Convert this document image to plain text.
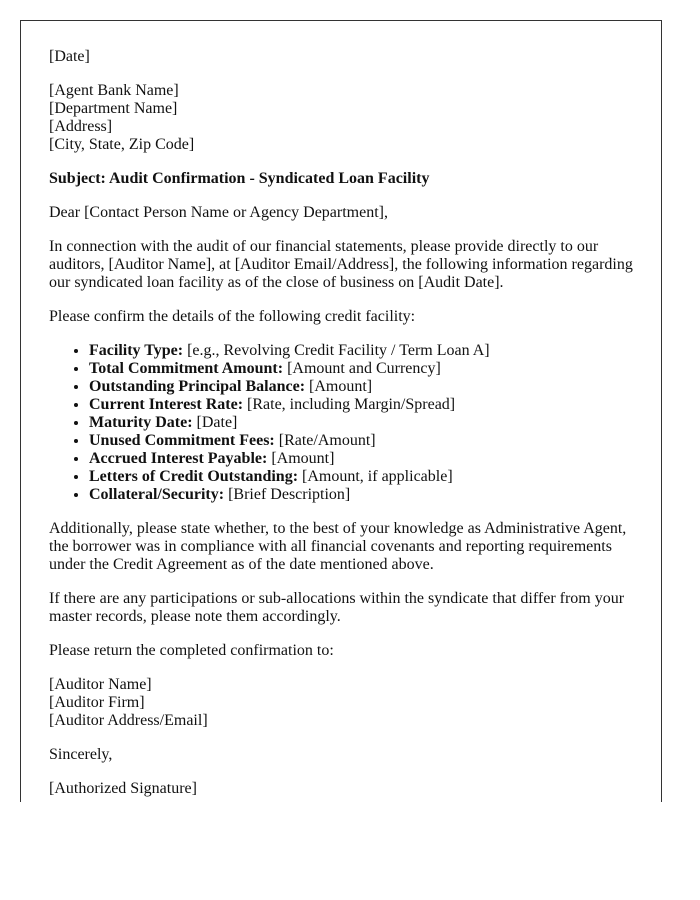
[Date]

[Agent Bank Name]
[Department Name]
[Address]
[City, State, Zip Code]

Subject: Audit Confirmation - Syndicated Loan Facility

Dear [Contact Person Name or Agency Department],

In connection with the audit of our financial statements, please provide directly to our auditors, [Auditor Name], at [Auditor Email/Address], the following information regarding our syndicated loan facility as of the close of business on [Audit Date].

Please confirm the details of the following credit facility:

• Facility Type: [e.g., Revolving Credit Facility / Term Loan A]
• Total Commitment Amount: [Amount and Currency]
• Outstanding Principal Balance: [Amount]
• Current Interest Rate: [Rate, including Margin/Spread]
• Maturity Date: [Date]
• Unused Commitment Fees: [Rate/Amount]
• Accrued Interest Payable: [Amount]
• Letters of Credit Outstanding: [Amount, if applicable]
• Collateral/Security: [Brief Description]

Additionally, please state whether, to the best of your knowledge as Administrative Agent, the borrower was in compliance with all financial covenants and reporting requirements under the Credit Agreement as of the date mentioned above.

If there are any participations or sub-allocations within the syndicate that differ from your master records, please note them accordingly.

Please return the completed confirmation to:

[Auditor Name]
[Auditor Firm]
[Auditor Address/Email]

Sincerely,

[Authorized Signature]
